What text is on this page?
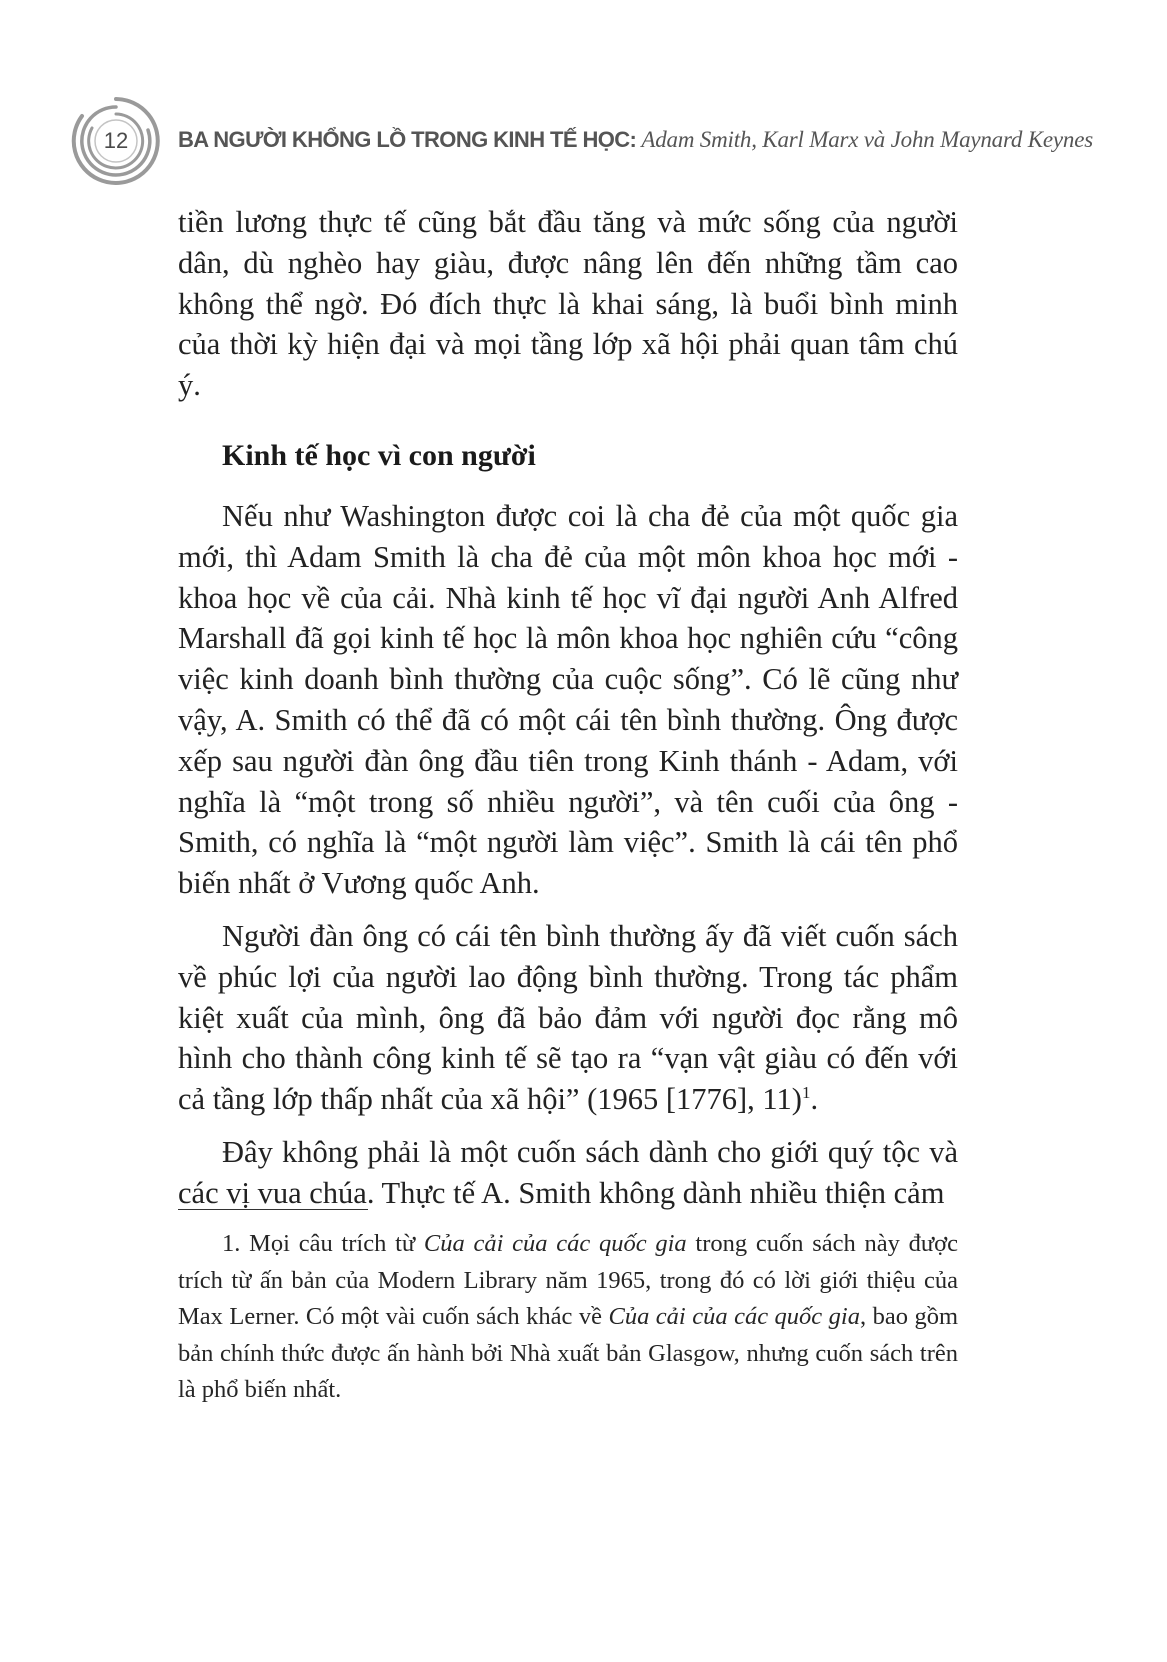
12	BA NGƯỜI KHỔNG LỒ TRONG KINH TẾ HỌC: Adam Smith, Karl Marx và John Maynard Keynes

tiền lương thực tế cũng bắt đầu tăng và mức sống của người dân, dù nghèo hay giàu, được nâng lên đến những tầm cao không thể ngờ. Đó đích thực là khai sáng, là buổi bình minh của thời kỳ hiện đại và mọi tầng lớp xã hội phải quan tâm chú ý.

Kinh tế học vì con người

Nếu như Washington được coi là cha đẻ của một quốc gia mới, thì Adam Smith là cha đẻ của một môn khoa học mới - khoa học về của cải. Nhà kinh tế học vĩ đại người Anh Alfred Marshall đã gọi kinh tế học là môn khoa học nghiên cứu “công việc kinh doanh bình thường của cuộc sống”. Có lẽ cũng như vậy, A. Smith có thể đã có một cái tên bình thường. Ông được xếp sau người đàn ông đầu tiên trong Kinh thánh - Adam, với nghĩa là “một trong số nhiều người”, và tên cuối của ông - Smith, có nghĩa là “một người làm việc”. Smith là cái tên phổ biến nhất ở Vương quốc Anh.

Người đàn ông có cái tên bình thường ấy đã viết cuốn sách về phúc lợi của người lao động bình thường. Trong tác phẩm kiệt xuất của mình, ông đã bảo đảm với người đọc rằng mô hình cho thành công kinh tế sẽ tạo ra “vạn vật giàu có đến với cả tầng lớp thấp nhất của xã hội” (1965 [1776], 11)$^1$.

Đây không phải là một cuốn sách dành cho giới quý tộc và các vị vua chúa. Thực tế A. Smith không dành nhiều thiện cảm

1. Mọi câu trích từ Của cải của các quốc gia trong cuốn sách này được trích từ ấn bản của Modern Library năm 1965, trong đó có lời giới thiệu của Max Lerner. Có một vài cuốn sách khác về Của cải của các quốc gia, bao gồm bản chính thức được ấn hành bởi Nhà xuất bản Glasgow, nhưng cuốn sách trên là phổ biến nhất.
